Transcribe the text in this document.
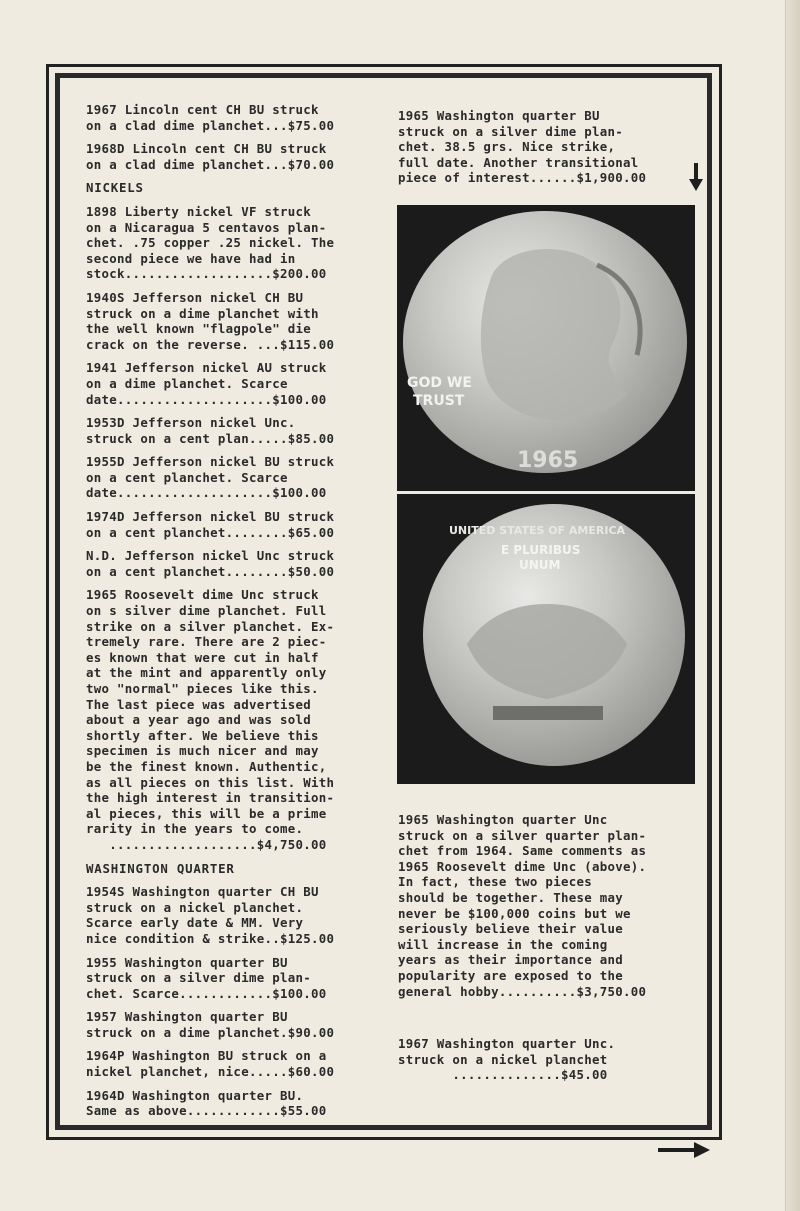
1967 Lincoln cent CH BU struck
on a clad dime planchet...$75.00
1968D Lincoln cent CH BU struck
on a clad dime planchet...$70.00
NICKELS
1898 Liberty nickel VF struck
on a Nicaragua 5 centavos plan-
chet. .75 copper .25 nickel. The
second piece we have had in
stock...................$200.00
1940S Jefferson nickel CH BU
struck on a dime planchet with
the well known "flagpole" die
crack on the reverse. ...$115.00
1941 Jefferson nickel AU struck
on a dime planchet. Scarce
date....................$100.00
1953D Jefferson nickel Unc.
struck on a cent plan.....$85.00
1955D Jefferson nickel BU struck
on a cent planchet. Scarce
date....................$100.00
1974D Jefferson nickel BU struck
on a cent planchet........$65.00
N.D. Jefferson nickel Unc struck
on a cent planchet........$50.00
1965 Roosevelt dime Unc struck
on s silver dime planchet. Full
strike on a silver planchet. Ex-
tremely rare. There are 2 piec-
es known that were cut in half
at the mint and apparently only
two "normal" pieces like this.
The last piece was advertised
about a year ago and was sold
shortly after. We believe this
specimen is much nicer and may
be the finest known. Authentic,
as all pieces on this list. With
the high interest in transition-
al pieces, this will be a prime
rarity in the years to come.
...................$4,750.00
WASHINGTON QUARTER
1954S Washington quarter CH BU
struck on a nickel planchet.
Scarce early date & MM. Very
nice condition & strike..$125.00
1955 Washington quarter BU
struck on a silver dime plan-
chet. Scarce............$100.00
1957 Washington quarter BU
struck on a dime planchet.$90.00
1964P Washington BU struck on a
nickel planchet, nice.....$60.00
1964D Washington quarter BU.
Same as above............$55.00
1965 Washington quarter BU
struck on a silver dime plan-
chet. 38.5 grs. Nice strike,
full date. Another transitional
piece of interest......$1,900.00
GOD WE
TRUST
1965
E PLURIBUS
UNUM
UNITED STATES OF AMERICA
1965 Washington quarter Unc
struck on a silver quarter plan-
chet from 1964. Same comments as
1965 Roosevelt dime Unc (above).
In fact, these two pieces
should be together. These may
never be $100,000 coins but we
seriously believe their value
will increase in the coming
years as their importance and
popularity are exposed to the
general hobby..........$3,750.00
1967 Washington quarter Unc.
struck on a nickel planchet
..............$45.00
